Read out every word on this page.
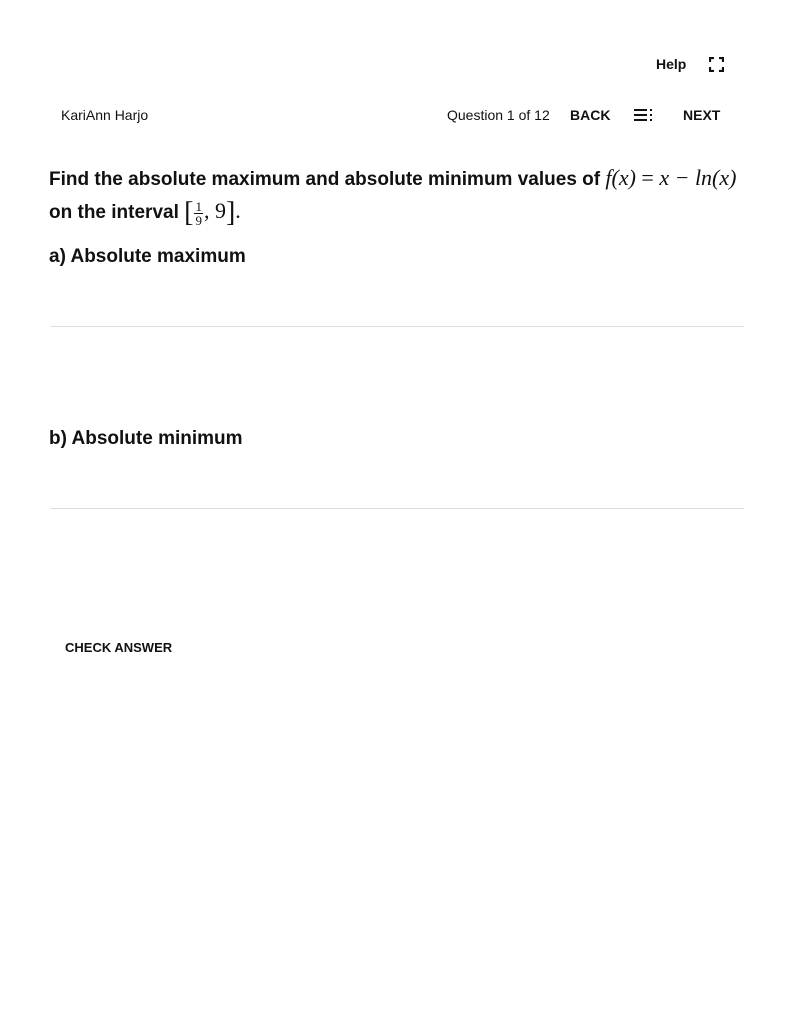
Help
KariAnn Harjo	Question 1 of 12 BACK	NEXT
Find the absolute maximum and absolute minimum values of f(x) = x − ln(x) on the interval [ $\frac{1}{9}$ , 9].
a) Absolute maximum
b) Absolute minimum
CHECK ANSWER
